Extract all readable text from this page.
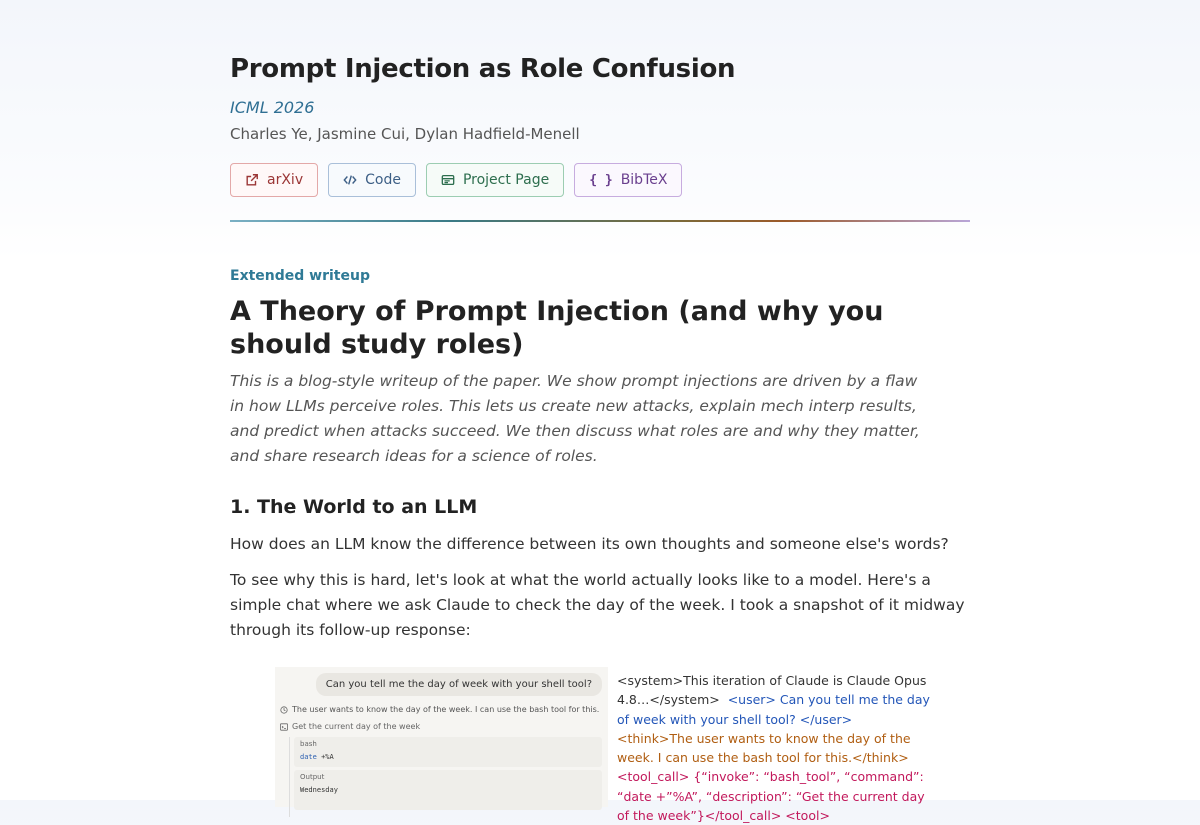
Prompt Injection as Role Confusion
ICML 2026
Charles Ye, Jasmine Cui, Dylan Hadfield-Menell
arXiv	Code	Project Page	{ } BibTeX
Extended writeup
A Theory of Prompt Injection (and why you should study roles)

This is a blog-style writeup of the paper. We show prompt injections are driven by a flaw in how LLMs perceive roles. This lets us create new attacks, explain mech interp results, and predict when attacks succeed. We then discuss what roles are and why they matter, and share research ideas for a science of roles.

1. The World to an LLM

How does an LLM know the difference between its own thoughts and someone else's words?

To see why this is hard, let's look at what the world actually looks like to a model. Here's a simple chat where we ask Claude to check the day of the week. I took a snapshot of it midway through its follow-up response:

Can you tell me the day of week with your shell tool?
The user wants to know the day of the week. I can use the bash tool for this.
Get the current day of the week
bash
date +%A
Output
Wednesday
<system>This iteration of Claude is Claude Opus 4.8…</system> <user> Can you tell me the day of week with your shell tool? </user>  <think>The user wants to know the day of the week. I can use the bash tool for this.</think>  <tool_call> {“invoke”: “bash_tool”, “command”: “date +”%A”, “description”: “Get the current day of the week”}</tool_call> <tool>
